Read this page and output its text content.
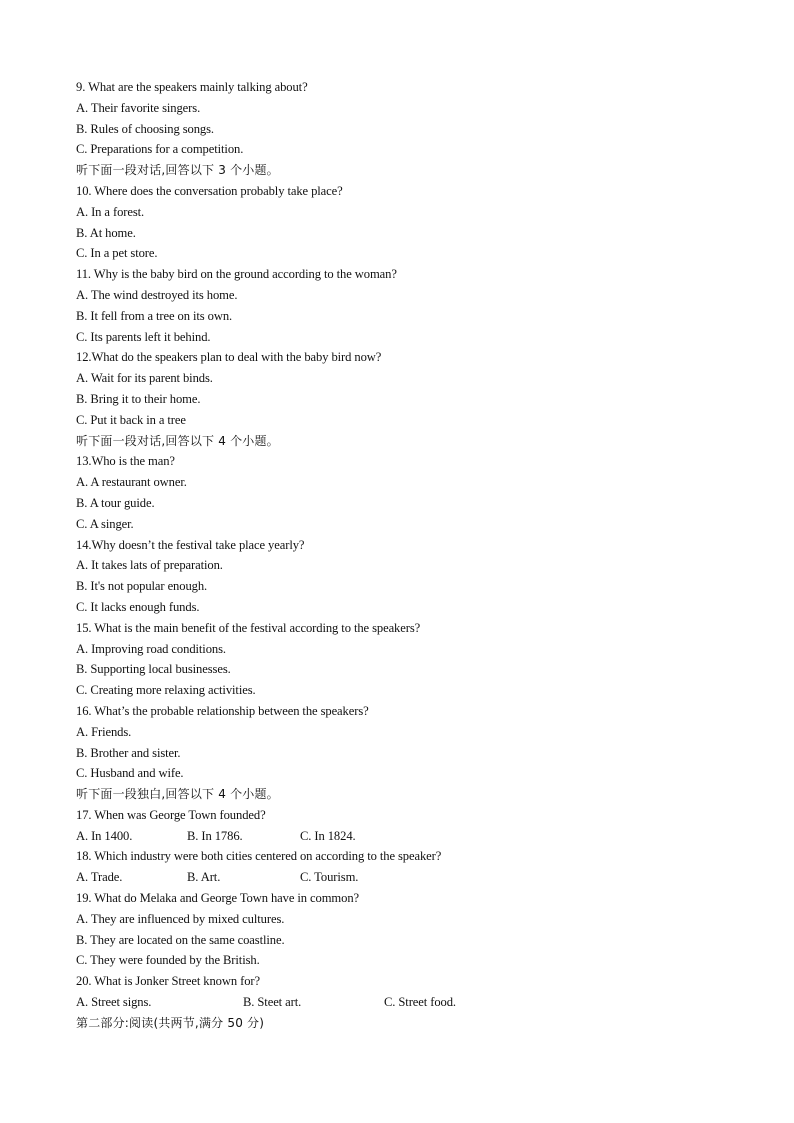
9. What are the speakers mainly talking about?
A. Their favorite singers.
B. Rules of choosing songs.
C. Preparations for a competition.
听下面一段对话,回答以下 3 个小题。
10. Where does the conversation probably take place?
A. In a forest.
B. At home.
C. In a pet store.
11. Why is the baby bird on the ground according to the woman?
A. The wind destroyed its home.
B. It fell from a tree on its own.
C. Its parents left it behind.
12.What do the speakers plan to deal with the baby bird now?
A. Wait for its parent binds.
B. Bring it to their home.
C. Put it back in a tree
听下面一段对话,回答以下 4 个小题。
13.Who is the man?
A. A restaurant owner.
B. A tour guide.
C. A singer.
14.Why doesn’t the festival take place yearly?
A. It takes lats of preparation.
B. It's not popular enough.
C. It lacks enough funds.
15. What is the main benefit of the festival according to the speakers?
A. Improving road conditions.
B. Supporting local businesses.
C. Creating more relaxing activities.
16. What’s the probable relationship between the speakers?
A. Friends.
B. Brother and sister.
C. Husband and wife.
听下面一段独白,回答以下 4 个小题。
17. When was George Town founded?
A. In 1400.	B. In 1786.	C. In 1824.
18. Which industry were both cities centered on according to the speaker?
A. Trade.	B. Art.	C. Tourism.
19. What do Melaka and George Town have in common?
A. They are influenced by mixed cultures.
B. They are located on the same coastline.
C. They were founded by the British.
20. What is Jonker Street known for?
A. Street signs.	B. Steet art.	C. Street food.
第二部分:阅读(共两节,满分 50 分)
